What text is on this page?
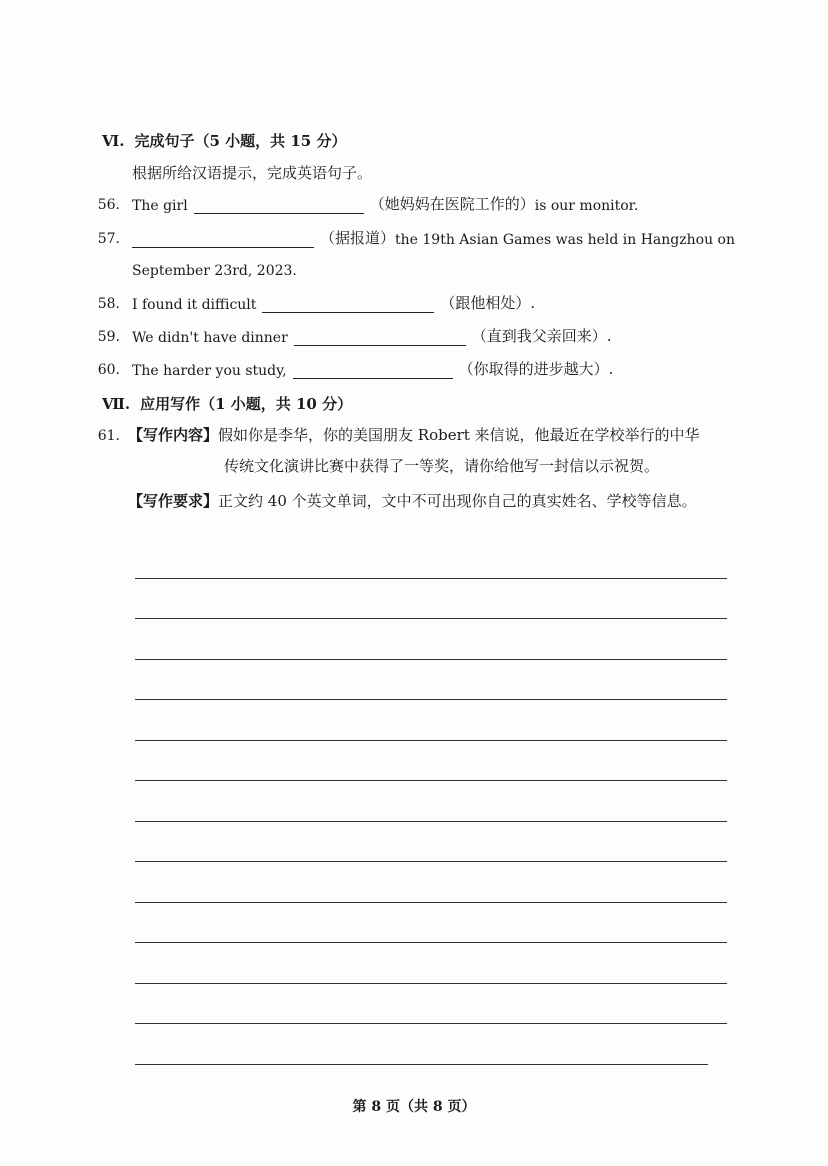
Ⅵ. 完成句子（5 小题，共 15 分）
根据所给汉语提示，完成英语句子。
56. The girl	（她妈妈在医院工作的） is our monitor.
57.	（据报道） the 19th Asian Games was held in Hangzhou on
September 23rd, 2023.
58. I found it difficult	（跟他相处）.
59. We didn't have dinner	（直到我父亲回来）.
60. The harder you study,	（你取得的进步越大）.
Ⅶ. 应用写作（1 小题，共 10 分）
61. 【写作内容】假如你是李华，你的美国朋友 Robert 来信说，他最近在学校举行的中华
传统文化演讲比赛中获得了一等奖，请你给他写一封信以示祝贺。
【写作要求】正文约 40 个英文单词，文中不可出现你自己的真实姓名、学校等信息。
第 8 页（共 8 页）
